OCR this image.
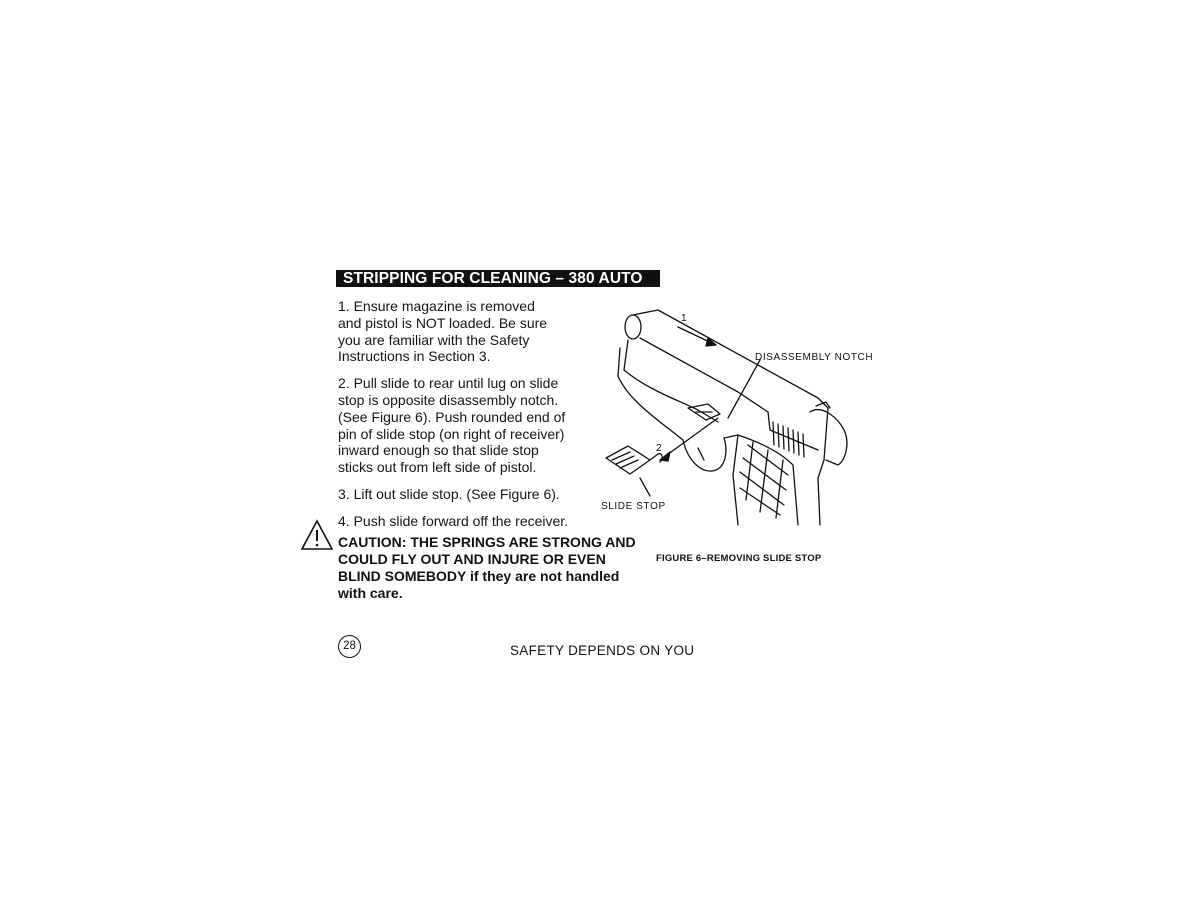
STRIPPING FOR CLEANING – 380 AUTO
1. Ensure magazine is removed
and pistol is NOT loaded. Be sure
you are familiar with the Safety
Instructions in Section 3.
2. Pull slide to rear until lug on slide
stop is opposite disassembly notch.
(See Figure 6). Push rounded end of
pin of slide stop (on right of receiver)
inward enough so that slide stop
sticks out from left side of pistol.
3. Lift out slide stop. (See Figure 6).
4. Push slide forward off the receiver.
CAUTION: THE SPRINGS ARE STRONG AND COULD FLY OUT AND INJURE OR EVEN BLIND SOMEBODY if they are not handled with care.
1
2
DISASSEMBLY NOTCH
SLIDE STOP
FIGURE 6–REMOVING SLIDE STOP
28	SAFETY DEPENDS ON YOU
